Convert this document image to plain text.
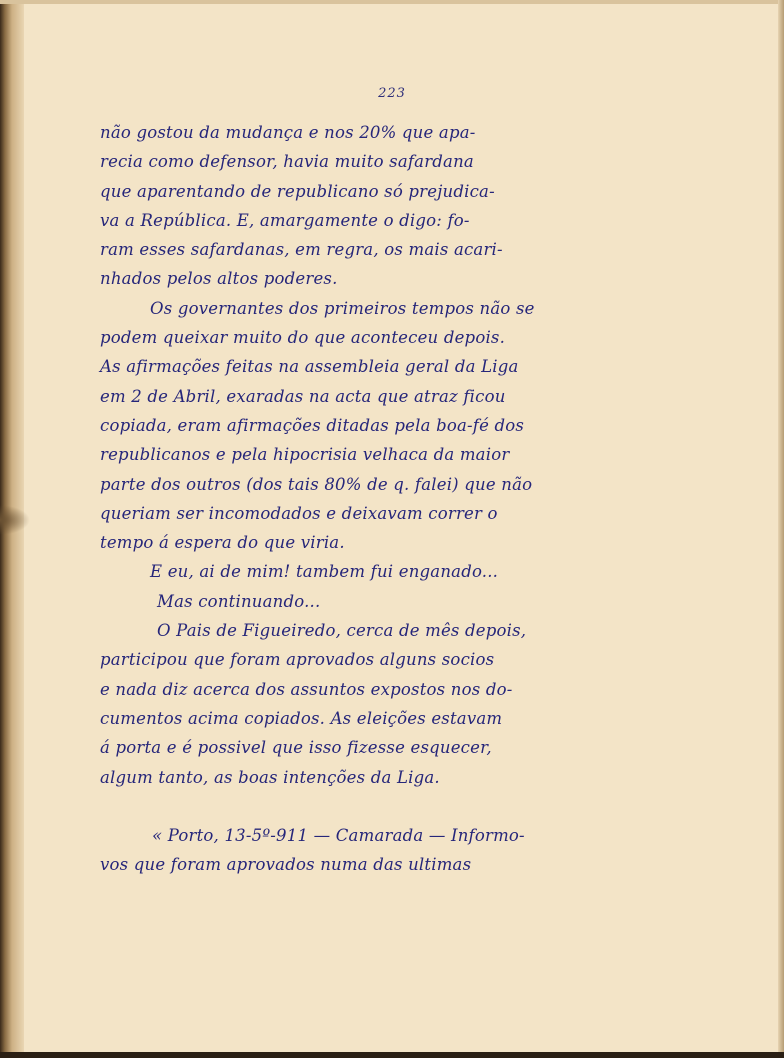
223
não gostou da mudança e nos 20% que apa-
recia como defensor, havia muito safardana
que aparentando de republicano só prejudica-
va a República. E, amargamente o digo: fo-
ram esses safardanas, em regra, os mais acari-
nhados pelos altos poderes.
Os governantes dos primeiros tempos não se
podem queixar muito do que aconteceu depois.
As afirmações feitas na assembleia geral da Liga
em 2 de Abril, exaradas na acta que atraz ficou
copiada, eram afirmações ditadas pela boa-fé dos
republicanos e pela hipocrisia velhaca da maior
parte dos outros (dos tais 80% de q. falei) que não
queriam ser incomodados e deixavam correr o
tempo á espera do que viria.
E eu, ai de mim! tambem fui enganado...
Mas continuando...
O Pais de Figueiredo, cerca de mês depois,
participou que foram aprovados alguns socios
e nada diz acerca dos assuntos expostos nos do-
cumentos acima copiados. As eleições estavam
á porta e é possivel que isso fizesse esquecer,
algum tanto, as boas intenções da Liga.
« Porto, 13-5º-911 — Camarada — Informo-
vos que foram aprovados numa das ultimas
